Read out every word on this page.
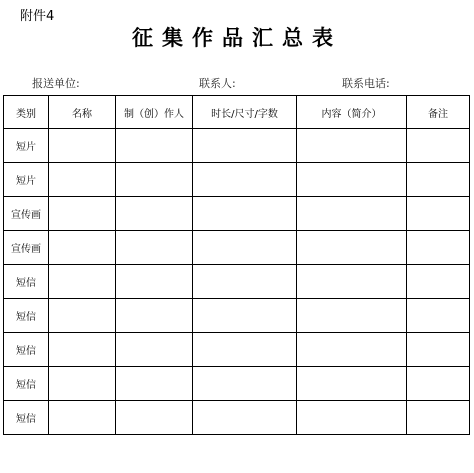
附件4
征集作品汇总表
报送单位:	联系人:	联系电话:
类别	名称	制（创）作人	时长/尺寸/字数	内容（简介）	备注
短片					
短片					
宣传画					
宣传画					
短信					
短信					
短信					
短信					
短信					
